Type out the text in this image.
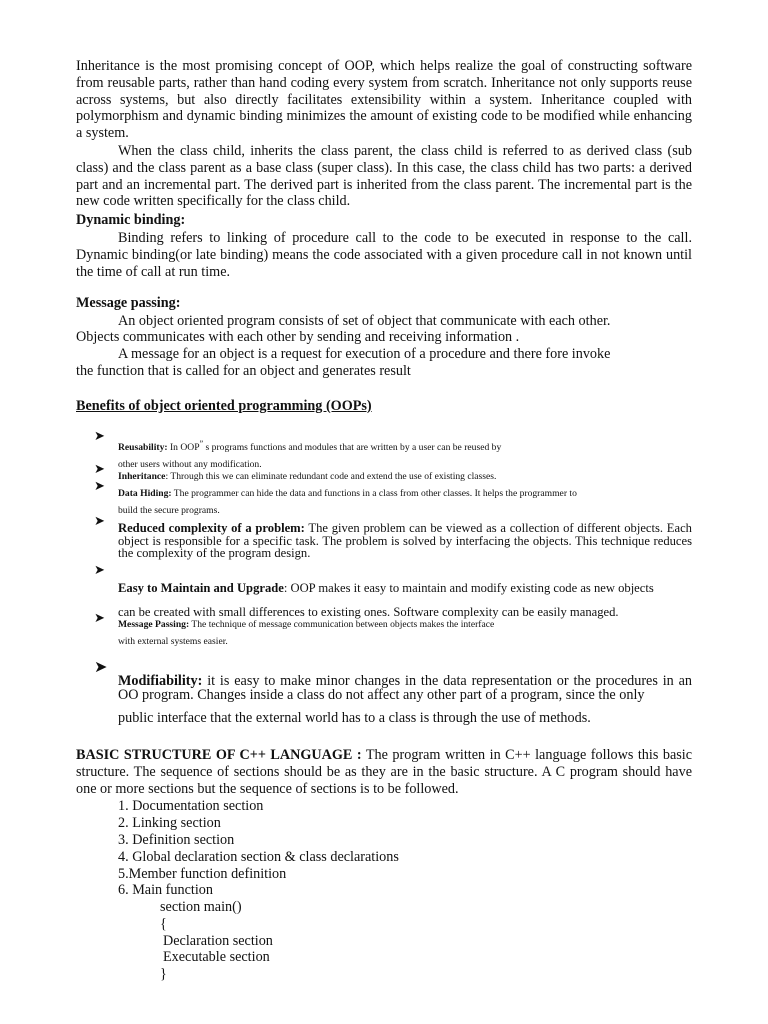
Inheritance is the most promising concept of OOP, which helps realize the goal of constructing software from reusable parts, rather than hand coding every system from scratch. Inheritance not only supports reuse across systems, but also directly facilitates extensibility within a system. Inheritance coupled with polymorphism and dynamic binding minimizes the amount of existing code to be modified while enhancing a system.

When the class child, inherits the class parent, the class child is referred to as derived class (sub class) and the class parent as a base class (super class). In this case, the class child has two parts: a derived part and an incremental part. The derived part is inherited from the class parent. The incremental part is the new code written specifically for the class child.

Dynamic binding:

Binding refers to linking of procedure call to the code to be executed in response to the call. Dynamic binding(or late binding) means the code associated with a given procedure call in not known until the time of call at run time.

Message passing:

An object oriented program consists of set of object that communicate with each other.

Objects communicates with each other by sending and receiving information .

A message for an object is a request for execution of a procedure and there fore invoke

the function that is called for an object and generates result

Benefits of object oriented programming (OOPs)

➤

Reusability: In OOP” s programs functions and modules that are written by a user can be reused by
other users without any modification.

➤ Inheritance: Through this we can eliminate redundant code and extend the use of existing classes.

➤ Data Hiding: The programmer can hide the data and functions in a class from other classes. It helps the programmer to
build the secure programs.

➤ Reduced complexity of a problem: The given problem can be viewed as a collection of different objects. Each object is responsible for a specific task. The problem is solved by interfacing the objects. This technique reduces the complexity of the program design.

➤

Easy to Maintain and Upgrade: OOP makes it easy to maintain and modify existing code as new objects
can be created with small differences to existing ones. Software complexity can be easily managed.

➤ Message Passing: The technique of message communication between objects makes the interface
with external systems easier.

➤

Modifiability: it is easy to make minor changes in the data representation or the procedures in an OO program. Changes inside a class do not affect any other part of a program, since the only

public interface that the external world has to a class is through the use of methods.

BASIC STRUCTURE OF C++ LANGUAGE : The program written in C++ language follows this basic structure. The sequence of sections should be as they are in the basic structure. A C program should have one or more sections but the sequence of sections is to be followed.

1. Documentation section

2. Linking section

3. Definition section

4. Global declaration section & class declarations

5.Member function definition

6. Main function

section main()

{

Declaration section

Executable section

}
